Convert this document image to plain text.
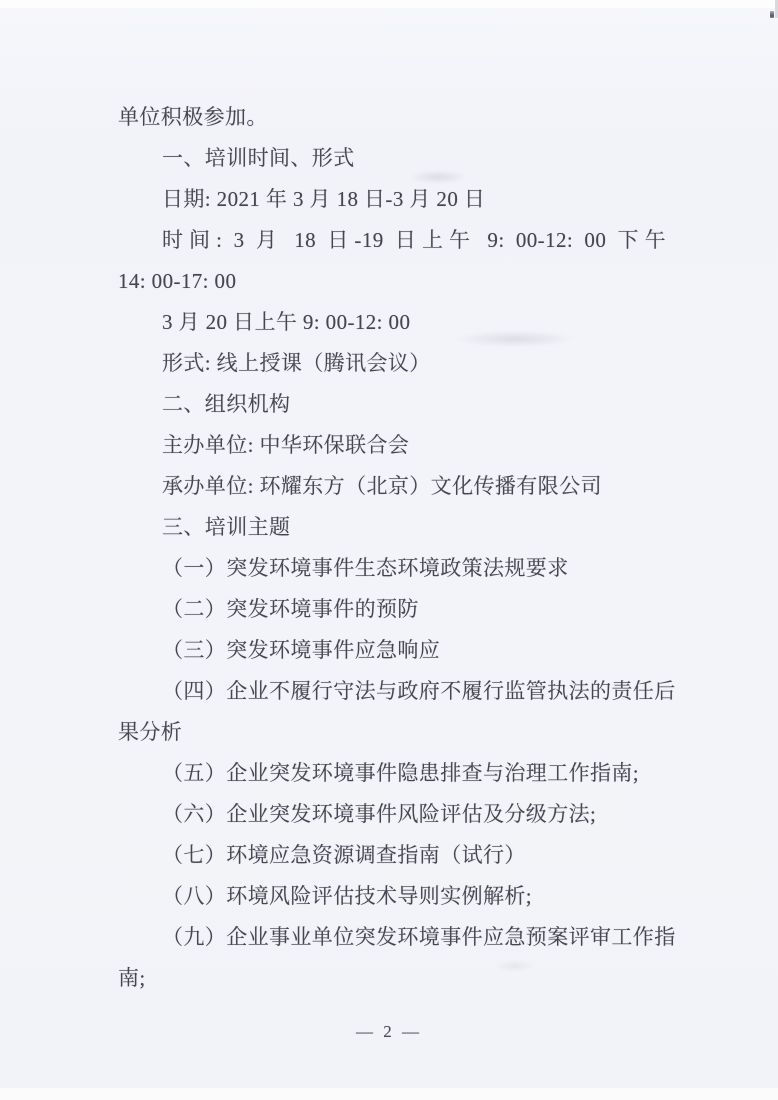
单位积极参加。
一、培训时间、形式
日期: 2021 年 3 月 18 日-3 月 20 日
时间: 3 月 18 日-19 日上午 9: 00-12: 00 下午
14: 00-17: 00
3 月 20 日上午 9: 00-12: 00
形式: 线上授课（腾讯会议）
二、组织机构
主办单位: 中华环保联合会
承办单位: 环耀东方（北京）文化传播有限公司
三、培训主题
（一）突发环境事件生态环境政策法规要求
（二）突发环境事件的预防
（三）突发环境事件应急响应
（四）企业不履行守法与政府不履行监管执法的责任后
果分析
（五）企业突发环境事件隐患排查与治理工作指南;
（六）企业突发环境事件风险评估及分级方法;
（七）环境应急资源调查指南（试行）
（八）环境风险评估技术导则实例解析;
（九）企业事业单位突发环境事件应急预案评审工作指
南;
— 2 —
